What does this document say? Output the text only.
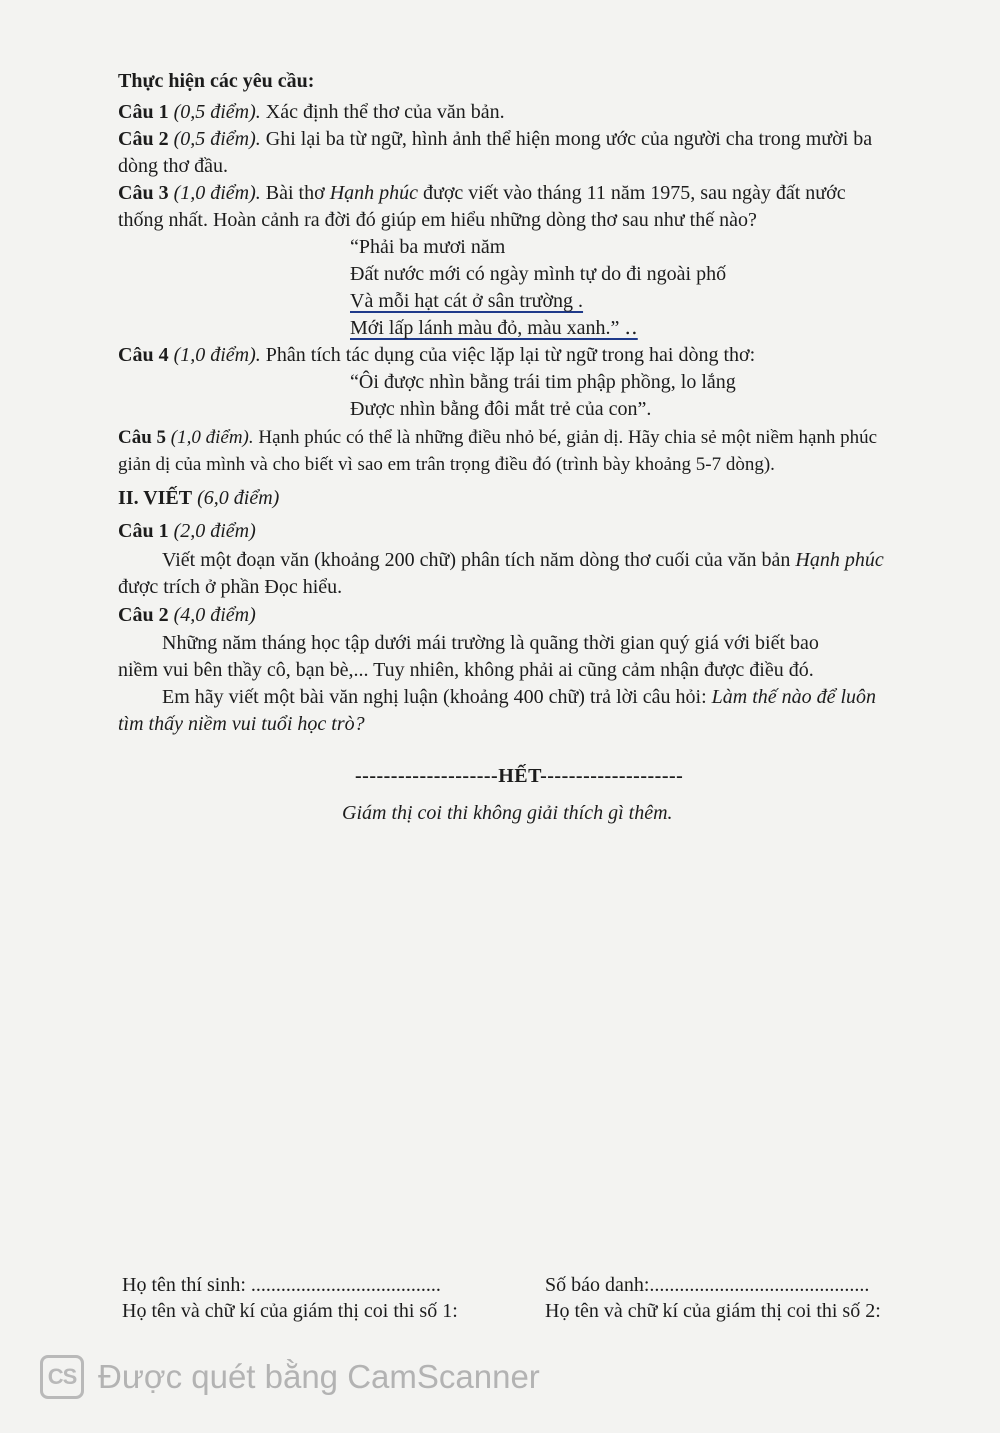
Thực hiện các yêu cầu:
Câu 1 (0,5 điểm). Xác định thể thơ của văn bản.
Câu 2 (0,5 điểm). Ghi lại ba từ ngữ, hình ảnh thể hiện mong ước của người cha trong mười ba
dòng thơ đầu.
Câu 3 (1,0 điểm). Bài thơ Hạnh phúc được viết vào tháng 11 năm 1975, sau ngày đất nước
thống nhất. Hoàn cảnh ra đời đó giúp em hiểu những dòng thơ sau như thế nào?
“Phải ba mươi năm
Đất nước mới có ngày mình tự do đi ngoài phố
Và mỗi hạt cát ở sân trường .
Mới lấp lánh màu đỏ, màu xanh.” ‥
Câu 4 (1,0 điểm). Phân tích tác dụng của việc lặp lại từ ngữ trong hai dòng thơ:
“Ôi được nhìn bằng trái tim phập phồng, lo lắng
Được nhìn bằng đôi mắt trẻ của con”.
Câu 5 (1,0 điểm). Hạnh phúc có thể là những điều nhỏ bé, giản dị. Hãy chia sẻ một niềm hạnh phúc
giản dị của mình và cho biết vì sao em trân trọng điều đó (trình bày khoảng 5-7 dòng).
II. VIẾT (6,0 điểm)
Câu 1 (2,0 điểm)
Viết một đoạn văn (khoảng 200 chữ) phân tích năm dòng thơ cuối của văn bản Hạnh phúc
được trích ở phần Đọc hiểu.
Câu 2 (4,0 điểm)
Những năm tháng học tập dưới mái trường là quãng thời gian quý giá với biết bao
niềm vui bên thầy cô, bạn bè,... Tuy nhiên, không phải ai cũng cảm nhận được điều đó.
Em hãy viết một bài văn nghị luận (khoảng 400 chữ) trả lời câu hỏi: Làm thế nào để luôn
tìm thấy niềm vui tuổi học trò?
--------------------HẾT--------------------
Giám thị coi thi không giải thích gì thêm.
Họ tên thí sinh: ......................................	Số báo danh:............................................
Họ tên và chữ kí của giám thị coi thi số 1:	Họ tên và chữ kí của giám thị coi thi số 2:
CS Được quét bằng CamScanner
